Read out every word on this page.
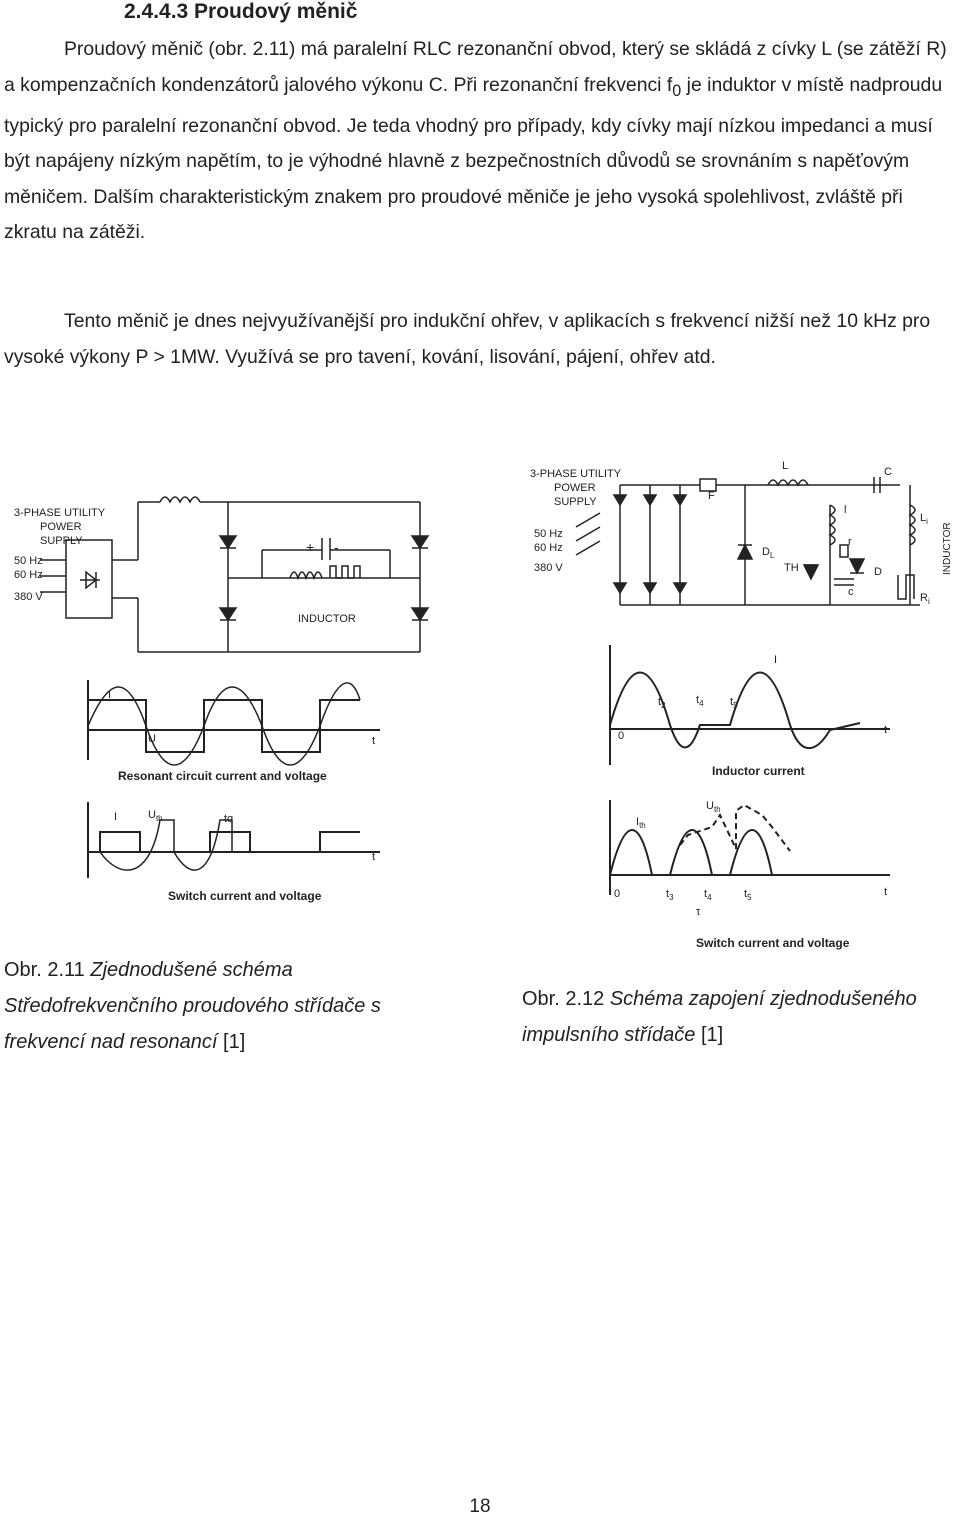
2.4.4.3 Proudový měnič

Proudový měnič (obr. 2.11) má paralelní RLC rezonanční obvod, který se skládá z cívky L (se zátěží R) a kompenzačních kondenzátorů jalového výkonu C. Při rezonanční frekvenci $f_0$ je induktor v místě nadproudu typický pro paralelní rezonanční obvod. Je teda vhodný pro případy, kdy cívky mají nízkou impedanci a musí být napájeny nízkým napětím, to je výhodné hlavně z bezpečnostních důvodů se srovnáním s napěťovým měničem. Dalším charakteristickým znakem pro proudové měniče je jeho vysoká spolehlivost, zvláště při zkratu na zátěži.

Tento měnič je dnes nejvyužívanější pro indukční ohřev, v aplikacích s frekvencí nižší než 10 kHz pro vysoké výkony P > 1MW. Využívá se pro tavení, kování, lisování, pájení, ohřev atd.

3-PHASE UTILITY
POWER
SUPPLY
50 Hz
60 Hz
380 V
+ -
INDUCTOR
I
U	t
Resonant circuit current and voltage
I	$U_{th}$	tq
t
Switch current and voltage
3-PHASE UTILITY
POWER
SUPPLY
50 Hz
60 Hz
380 V
L	C
F
l
$L_i$
$R_i$
$D_L$
TH
r
D
c
INDUCTOR
I
0	t
$t_2$	$t_4$ $t_5$
Inductor current
$I_{th}$
$U_{th}$
0	t
$t_3$	$t_4$	$t_5$
τ
Switch current and voltage

Obr. 2.11 Zjednodušené schéma Středofrekvenčního proudového střídače s frekvencí nad resonancí [1]

Obr. 2.12 Schéma zapojení zjednodušeného impulsního střídače [1]

18
